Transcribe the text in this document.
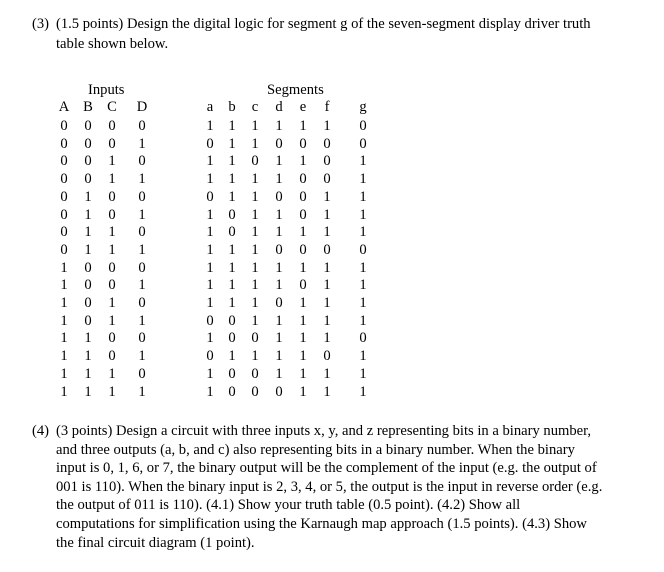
(3) (1.5 points) Design the digital logic for segment g of the seven-segment display driver truth
table shown below.
Inputs	Segments
A B C	D	a	b	c	d	e	f	g
0	0	0	0	1	1	1	1	1	1	0
0	0	0	1	0	1	1	0	0	0	0
0	0	1	0	1	1	0	1	1	0	1
0	0	1	1	1	1	1	1	0	0	1
0	1	0	0	0	1	1	0	0	1	1
0	1	0	1	1	0	1	1	0	1	1
0	1	1	0	1	0	1	1	1	1	1
0	1	1	1	1	1	1	0	0	0	0
1	0	0	0	1	1	1	1	1	1	1
1	0	0	1	1	1	1	1	0	1	1
1	0	1	0	1	1	1	0	1	1	1
1	0	1	1	0	0	1	1	1	1	1
1	1	0	0	1	0	0	1	1	1	0
1	1	0	1	0	1	1	1	1	0	1
1	1	1	0	1	0	0	1	1	1	1
1	1	1	1	1	0	0	0	1	1	1
(4) (3 points) Design a circuit with three inputs x, y, and z representing bits in a binary number,
and three outputs (a, b, and c) also representing bits in a binary number. When the binary
input is 0, 1, 6, or 7, the binary output will be the complement of the input (e.g. the output of
001 is 110). When the binary input is 2, 3, 4, or 5, the output is the input in reverse order (e.g.
the output of 011 is 110). (4.1) Show your truth table (0.5 point). (4.2) Show all
computations for simplification using the Karnaugh map approach (1.5 points). (4.3) Show
the final circuit diagram (1 point).
